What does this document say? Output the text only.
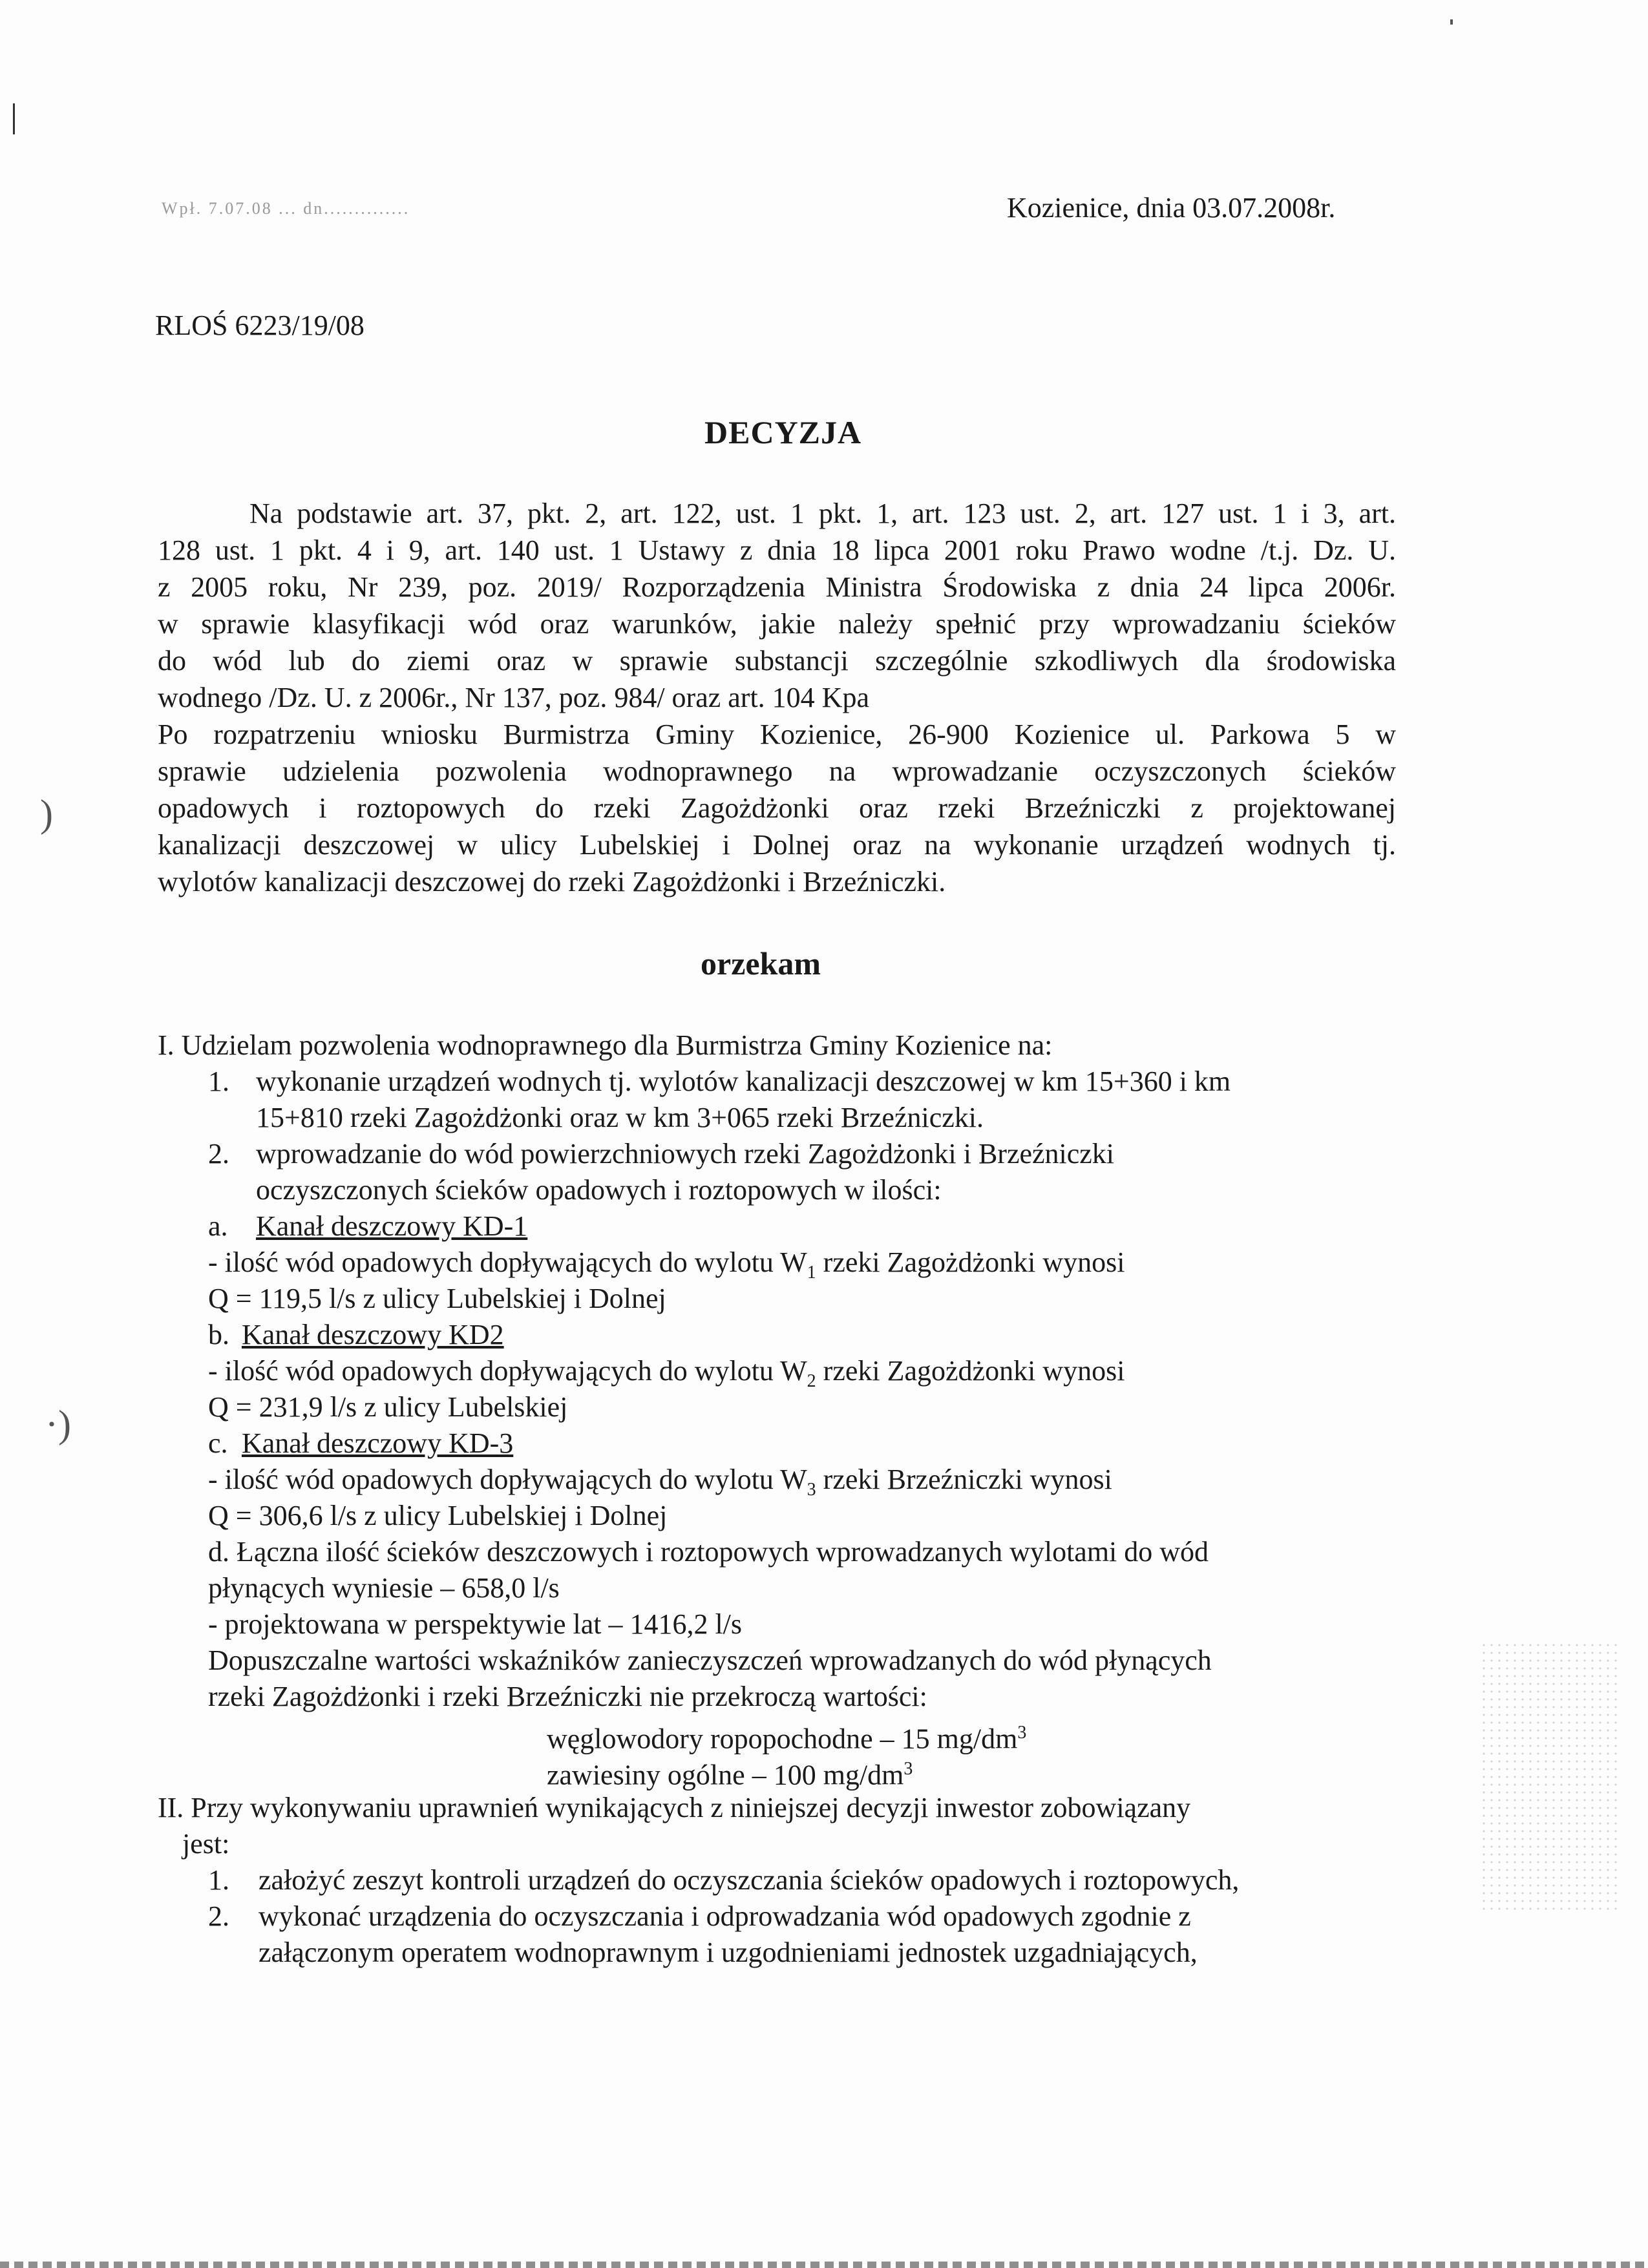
Wpł. 7.07.08 ... dn..............	Kozienice, dnia 03.07.2008r.
RLOŚ 6223/19/08
DECYZJA
Na podstawie art. 37, pkt. 2, art. 122, ust. 1 pkt. 1, art. 123 ust. 2, art. 127 ust. 1 i 3, art.
128 ust. 1 pkt. 4 i 9, art. 140 ust. 1 Ustawy z dnia 18 lipca 2001 roku Prawo wodne /t.j. Dz. U.
z 2005 roku, Nr 239, poz. 2019/ Rozporządzenia Ministra Środowiska z dnia 24 lipca 2006r.
w sprawie klasyfikacji wód oraz warunków, jakie należy spełnić przy wprowadzaniu ścieków
do wód lub do ziemi oraz w sprawie substancji szczególnie szkodliwych dla środowiska
wodnego /Dz. U. z 2006r., Nr 137, poz. 984/ oraz art. 104 Kpa
Po rozpatrzeniu wniosku Burmistrza Gminy Kozienice, 26-900 Kozienice ul. Parkowa 5 w
sprawie udzielenia pozwolenia wodnoprawnego na wprowadzanie oczyszczonych ścieków
opadowych i roztopowych do rzeki Zagożdżonki oraz rzeki Brzeźniczki z projektowanej
kanalizacji deszczowej w ulicy Lubelskiej i Dolnej oraz na wykonanie urządzeń wodnych tj.
wylotów kanalizacji deszczowej do rzeki Zagożdżonki i Brzeźniczki.
)
orzekam
I. Udzielam pozwolenia wodnoprawnego dla Burmistrza Gminy Kozienice na:
1. wykonanie urządzeń wodnych tj. wylotów kanalizacji deszczowej w km 15+360 i km
15+810 rzeki Zagożdżonki oraz w km 3+065 rzeki Brzeźniczki.
2. wprowadzanie do wód powierzchniowych rzeki Zagożdżonki i Brzeźniczki
oczyszczonych ścieków opadowych i roztopowych w ilości:
a. Kanał deszczowy KD-1
- ilość wód opadowych dopływających do wylotu $W_1$ rzeki Zagożdżonki wynosi
Q = 119,5 l/s z ulicy Lubelskiej i Dolnej
b. Kanał deszczowy KD2
- ilość wód opadowych dopływających do wylotu $W_2$ rzeki Zagożdżonki wynosi
Q = 231,9 l/s z ulicy Lubelskiej
·)	c. Kanał deszczowy KD-3
- ilość wód opadowych dopływających do wylotu $W_3$ rzeki Brzeźniczki wynosi
Q = 306,6 l/s z ulicy Lubelskiej i Dolnej
d. Łączna ilość ścieków deszczowych i roztopowych wprowadzanych wylotami do wód
płynących wyniesie – 658,0 l/s
- projektowana w perspektywie lat – 1416,2 l/s
Dopuszczalne wartości wskaźników zanieczyszczeń wprowadzanych do wód płynących
rzeki Zagożdżonki i rzeki Brzeźniczki nie przekroczą wartości:
węglowodory ropopochodne – 15 $mg/dm^3$
zawiesiny ogólne – 100 $mg/dm^3$
II. Przy wykonywaniu uprawnień wynikających z niniejszej decyzji inwestor zobowiązany
jest:
1. założyć zeszyt kontroli urządzeń do oczyszczania ścieków opadowych i roztopowych,
2. wykonać urządzenia do oczyszczania i odprowadzania wód opadowych zgodnie z
załączonym operatem wodnoprawnym i uzgodnieniami jednostek uzgadniających,
